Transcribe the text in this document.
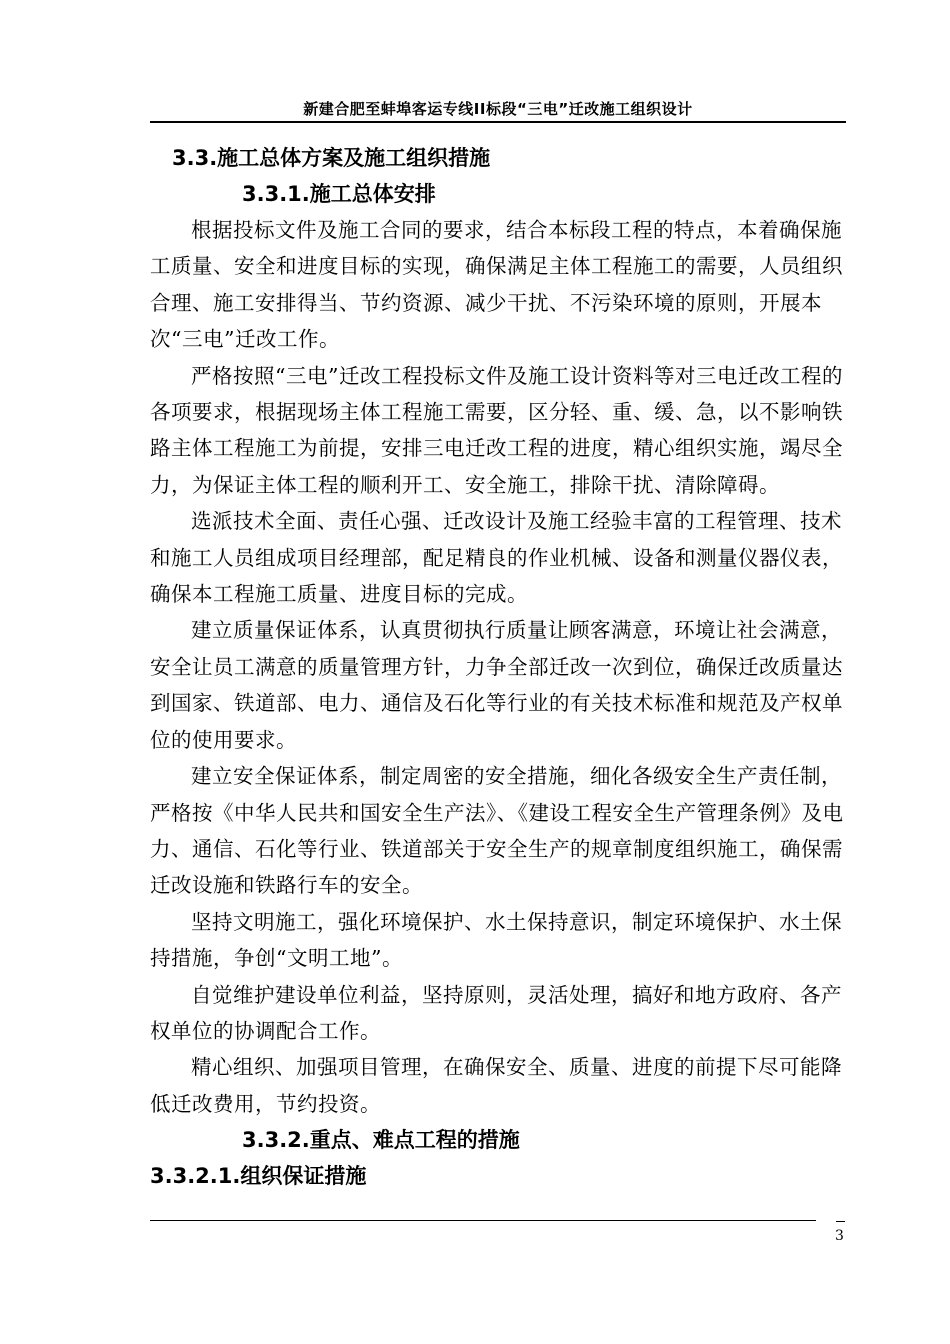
新建合肥至蚌埠客运专线II标段“三电”迁改施工组织设计
3.3.施工总体方案及施工组织措施
3.3.1.施工总体安排

根据投标文件及施工合同的要求，结合本标段工程的特点，本着确保施工质量、安全和进度目标的实现，确保满足主体工程施工的需要，人员组织合理、施工安排得当、节约资源、减少干扰、不污染环境的原则，开展本次“三电”迁改工作。

严格按照“三电”迁改工程投标文件及施工设计资料等对三电迁改工程的各项要求，根据现场主体工程施工需要，区分轻、重、缓、急，以不影响铁路主体工程施工为前提，安排三电迁改工程的进度，精心组织实施，竭尽全力，为保证主体工程的顺利开工、安全施工，排除干扰、清除障碍。

选派技术全面、责任心强、迁改设计及施工经验丰富的工程管理、技术和施工人员组成项目经理部，配足精良的作业机械、设备和测量仪器仪表，确保本工程施工质量、进度目标的完成。

建立质量保证体系，认真贯彻执行质量让顾客满意，环境让社会满意，安全让员工满意的质量管理方针，力争全部迁改一次到位，确保迁改质量达到国家、铁道部、电力、通信及石化等行业的有关技术标准和规范及产权单位的使用要求。

建立安全保证体系，制定周密的安全措施，细化各级安全生产责任制，严格按《中华人民共和国安全生产法》、《建设工程安全生产管理条例》及电力、通信、石化等行业、铁道部关于安全生产的规章制度组织施工，确保需迁改设施和铁路行车的安全。

坚持文明施工，强化环境保护、水土保持意识，制定环境保护、水土保持措施，争创“文明工地”。

自觉维护建设单位利益，坚持原则，灵活处理，搞好和地方政府、各产权单位的协调配合工作。

精心组织、加强项目管理，在确保安全、质量、进度的前提下尽可能降低迁改费用，节约投资。

3.3.2.重点、难点工程的措施
3.3.2.1.组织保证措施
3
